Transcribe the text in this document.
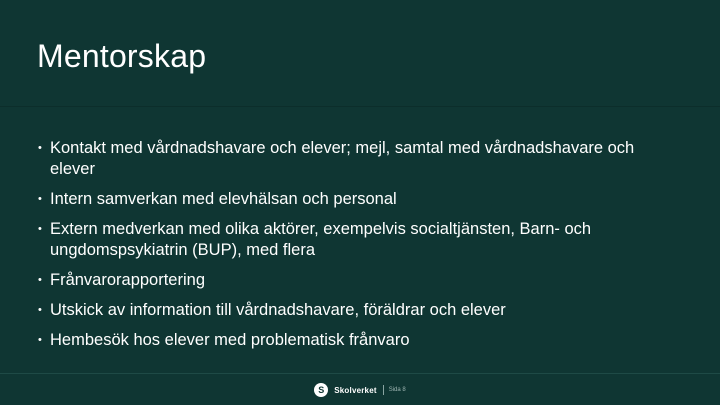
Mentorskap
• Kontakt med vårdnadshavare och elever; mejl, samtal med vårdnadshavare och elever
• Intern samverkan med elevhälsan och personal
• Extern medverkan med olika aktörer, exempelvis socialtjänsten, Barn- och ungdomspsykiatrin (BUP), med flera
• Frånvarorapportering
• Utskick av information till vårdnadshavare, föräldrar och elever
• Hembesök hos elever med problematisk frånvaro
S	Skolverket Sida 8
